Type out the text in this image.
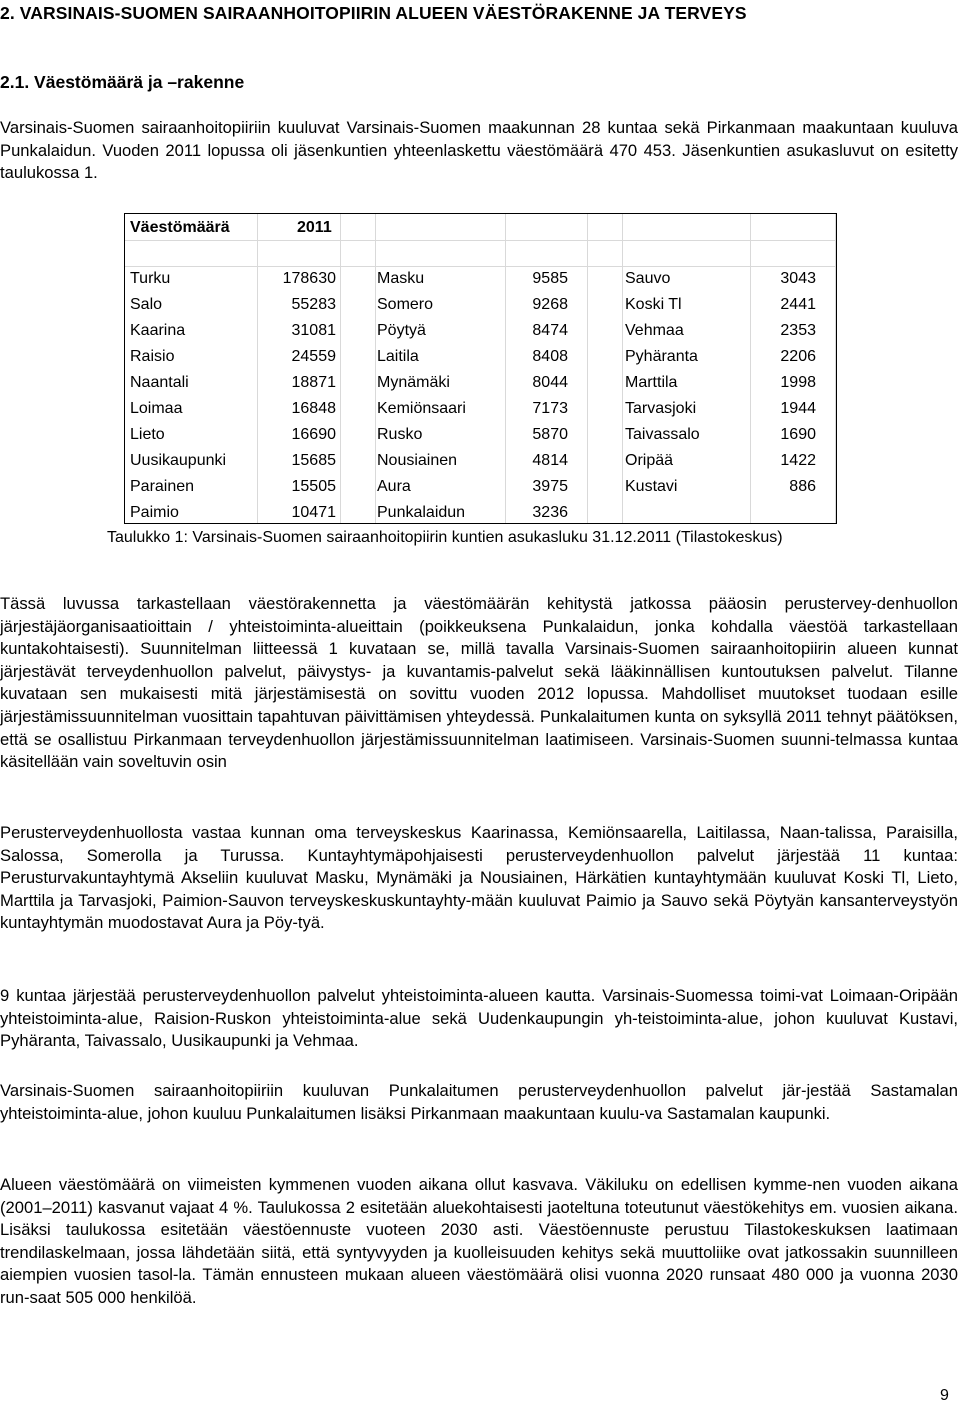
2. VARSINAIS-SUOMEN SAIRAANHOITOPIIRIN ALUEEN VÄESTÖRAKENNE JA TERVEYS
2.1. Väestömäärä ja –rakenne

Varsinais-Suomen sairaanhoitopiiriin kuuluvat Varsinais-Suomen maakunnan 28 kuntaa sekä Pirkanmaan maakuntaan kuuluva Punkalaidun. Vuoden 2011 lopussa oli jäsenkuntien yhteenlaskettu väestömäärä 470 453. Jäsenkuntien asukasluvut on esitetty taulukossa 1.

Väestömäärä	2011
Turku	178630	Masku	9585	Sauvo	3043
Salo	55283	Somero	9268	Koski Tl	2441
Kaarina	31081	Pöytyä	8474	Vehmaa	2353
Raisio	24559	Laitila	8408	Pyhäranta	2206
Naantali	18871	Mynämäki	8044	Marttila	1998
Loimaa	16848	Kemiönsaari	7173	Tarvasjoki	1944
Lieto	16690	Rusko	5870	Taivassalo	1690
Uusikaupunki	15685	Nousiainen	4814	Oripää	1422
Parainen	15505	Aura	3975	Kustavi	886
Paimio	10471	Punkalaidun	3236

Taulukko 1: Varsinais-Suomen sairaanhoitopiirin kuntien asukasluku 31.12.2011 (Tilastokeskus)

Tässä luvussa tarkastellaan väestörakennetta ja väestömäärän kehitystä jatkossa pääosin perustervey-denhuollon järjestäjäorganisaatioittain / yhteistoiminta-alueittain (poikkeuksena Punkalaidun, jonka kohdalla väestöä tarkastellaan kuntakohtaisesti). Suunnitelman liitteessä 1 kuvataan se, millä tavalla Varsinais-Suomen sairaanhoitopiirin alueen kunnat järjestävät terveydenhuollon palvelut, päivystys- ja kuvantamis-palvelut sekä lääkinnällisen kuntoutuksen palvelut. Tilanne kuvataan sen mukaisesti mitä järjestämisestä on sovittu vuoden 2012 lopussa. Mahdolliset muutokset tuodaan esille järjestämissuunnitelman vuosittain tapahtuvan päivittämisen yhteydessä. Punkalaitumen kunta on syksyllä 2011 tehnyt päätöksen, että se osallistuu Pirkanmaan terveydenhuollon järjestämissuunnitelman laatimiseen. Varsinais-Suomen suunni-telmassa kuntaa käsitellään vain soveltuvin osin

Perusterveydenhuollosta vastaa kunnan oma terveyskeskus Kaarinassa, Kemiönsaarella, Laitilassa, Naan-talissa, Paraisilla, Salossa, Somerolla ja Turussa. Kuntayhtymäpohjaisesti perusterveydenhuollon palvelut järjestää 11 kuntaa: Perusturvakuntayhtymä Akseliin kuuluvat Masku, Mynämäki ja Nousiainen, Härkätien kuntayhtymään kuuluvat Koski Tl, Lieto, Marttila ja Tarvasjoki, Paimion-Sauvon terveyskeskuskuntayhty-mään kuuluvat Paimio ja Sauvo sekä Pöytyän kansanterveystyön kuntayhtymän muodostavat Aura ja Pöy-tyä.

9 kuntaa järjestää perusterveydenhuollon palvelut yhteistoiminta-alueen kautta. Varsinais-Suomessa toimi-vat Loimaan-Oripään yhteistoiminta-alue, Raision-Ruskon yhteistoiminta-alue sekä Uudenkaupungin yh-teistoiminta-alue, johon kuuluvat Kustavi, Pyhäranta, Taivassalo, Uusikaupunki ja Vehmaa.

Varsinais-Suomen sairaanhoitopiiriin kuuluvan Punkalaitumen perusterveydenhuollon palvelut jär-jestää Sastamalan yhteistoiminta-alue, johon kuuluu Punkalaitumen lisäksi Pirkanmaan maakuntaan kuulu-va Sastamalan kaupunki.

Alueen väestömäärä on viimeisten kymmenen vuoden aikana ollut kasvava. Väkiluku on edellisen kymme-nen vuoden aikana (2001–2011) kasvanut vajaat 4 %. Taulukossa 2 esitetään aluekohtaisesti jaoteltuna toteutunut väestökehitys em. vuosien aikana. Lisäksi taulukossa esitetään väestöennuste vuoteen 2030 asti. Väestöennuste perustuu Tilastokeskuksen laatimaan trendilaskelmaan, jossa lähdetään siitä, että syntyvyyden ja kuolleisuuden kehitys sekä muuttoliike ovat jatkossakin suunnilleen aiempien vuosien tasol-la. Tämän ennusteen mukaan alueen väestömäärä olisi vuonna 2020 runsaat 480 000 ja vuonna 2030 run-saat 505 000 henkilöä.

9
